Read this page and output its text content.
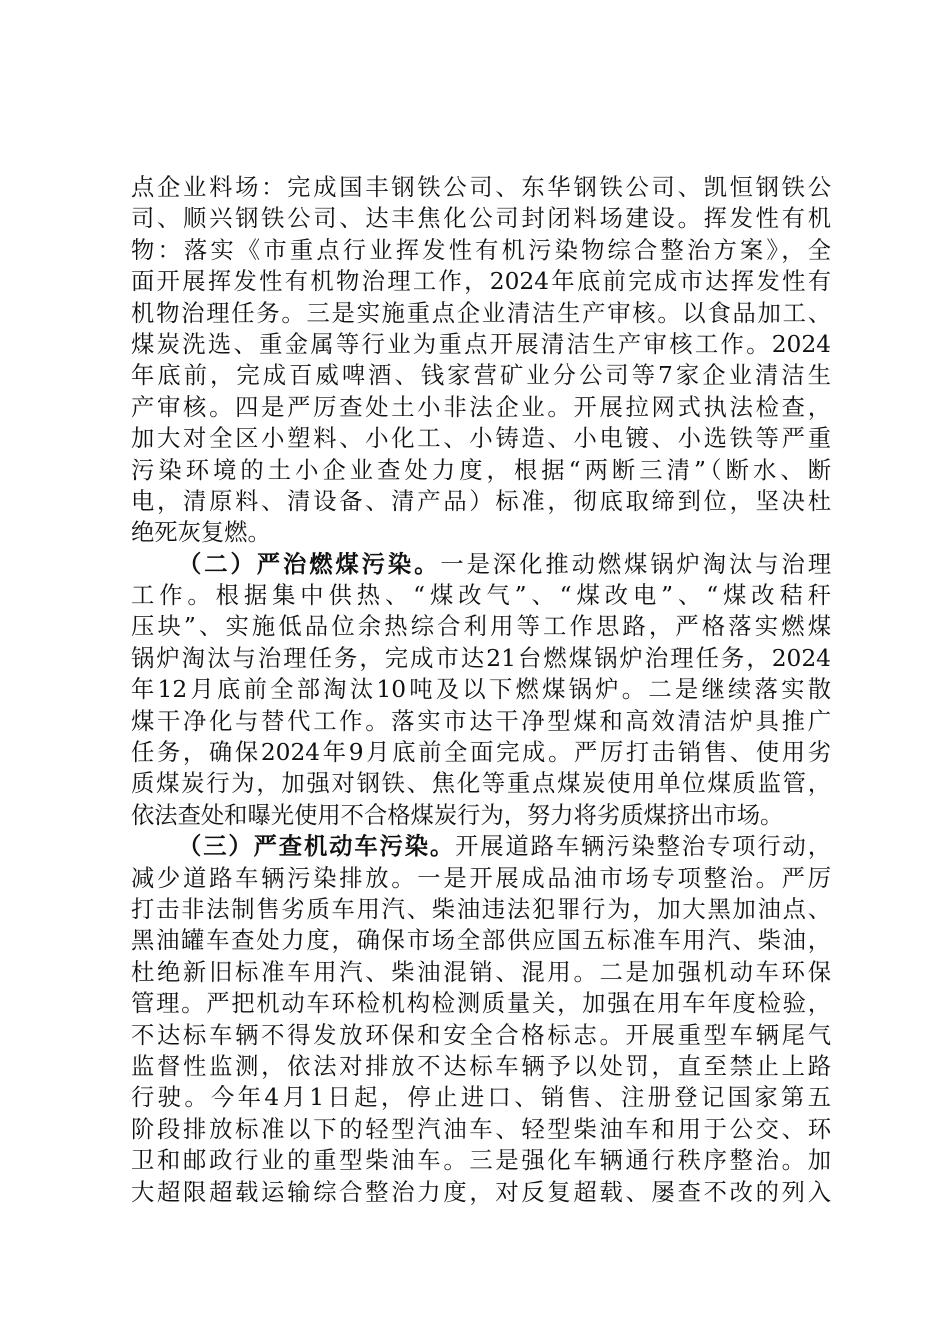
点企业料场：完成国丰钢铁公司、东华钢铁公司、凯恒钢铁公
司、顺兴钢铁公司、达丰焦化公司封闭料场建设。挥发性有机
物：落实《市重点行业挥发性有机污染物综合整治方案》，全
面开展挥发性有机物治理工作，2024年底前完成市达挥发性有
机物治理任务。三是实施重点企业清洁生产审核。以食品加工、
煤炭洗选、重金属等行业为重点开展清洁生产审核工作。2024
年底前，完成百威啤酒、钱家营矿业分公司等7家企业清洁生
产审核。四是严厉查处土小非法企业。开展拉网式执法检查，
加大对全区小塑料、小化工、小铸造、小电镀、小选铁等严重
污染环境的土小企业查处力度，根据“两断三清”（断水、断
电，清原料、清设备、清产品）标准，彻底取缔到位，坚决杜
绝死灰复燃。
（二）严治燃煤污染。一是深化推动燃煤锅炉淘汰与治理
工作。根据集中供热、“煤改气”、“煤改电”、“煤改秸秆
压块”、实施低品位余热综合利用等工作思路，严格落实燃煤
锅炉淘汰与治理任务，完成市达21台燃煤锅炉治理任务，2024
年12月底前全部淘汰10吨及以下燃煤锅炉。二是继续落实散
煤干净化与替代工作。落实市达干净型煤和高效清洁炉具推广
任务，确保2024年9月底前全面完成。严厉打击销售、使用劣
质煤炭行为，加强对钢铁、焦化等重点煤炭使用单位煤质监管，
依法查处和曝光使用不合格煤炭行为，努力将劣质煤挤出市场。
（三）严查机动车污染。开展道路车辆污染整治专项行动，
减少道路车辆污染排放。一是开展成品油市场专项整治。严厉
打击非法制售劣质车用汽、柴油违法犯罪行为，加大黑加油点、
黑油罐车查处力度，确保市场全部供应国五标准车用汽、柴油，
杜绝新旧标准车用汽、柴油混销、混用。二是加强机动车环保
管理。严把机动车环检机构检测质量关，加强在用车年度检验，
不达标车辆不得发放环保和安全合格标志。开展重型车辆尾气
监督性监测，依法对排放不达标车辆予以处罚，直至禁止上路
行驶。今年4月1日起，停止进口、销售、注册登记国家第五
阶段排放标准以下的轻型汽油车、轻型柴油车和用于公交、环
卫和邮政行业的重型柴油车。三是强化车辆通行秩序整治。加
大超限超载运输综合整治力度，对反复超载、屡查不改的列入
